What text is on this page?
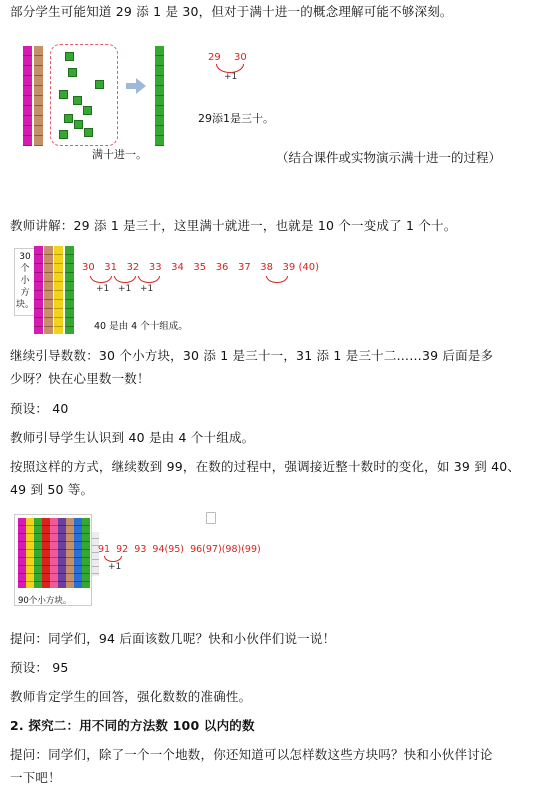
部分学生可能知道 29 添 1 是 30，但对于满十进一的概念理解可能不够深刻。
满十进一。
29 30
+1
29添1是三十。
（结合课件或实物演示满十进一的过程）
教师讲解：29 添 1 是三十，这里满十就进一，也就是 10 个一变成了 1 个十。
30
个
小
方
块。
30 31 32 33 34 35 36 37 38 39 (40)
+1 +1 +1
40 是由 4 个十组成。
继续引导数数：30 个小方块，30 添 1 是三十一，31 添 1 是三十二……39 后面是多
少呀？快在心里数一数！
预设： 40
教师引导学生认识到 40 是由 4 个十组成。
按照这样的方式，继续数到 99，在数的过程中，强调接近整十数时的变化，如 39 到 40、
49 到 50 等。
90个小方块。
91 92 93 94(95) 96(97)(98)(99)
+1
提问：同学们，94 后面该数几呢？快和小伙伴们说一说！
预设： 95
教师肯定学生的回答，强化数数的准确性。
2. 探究二：用不同的方法数 100 以内的数
提问：同学们，除了一个一个地数，你还知道可以怎样数这些方块吗？快和小伙伴讨论
一下吧！
